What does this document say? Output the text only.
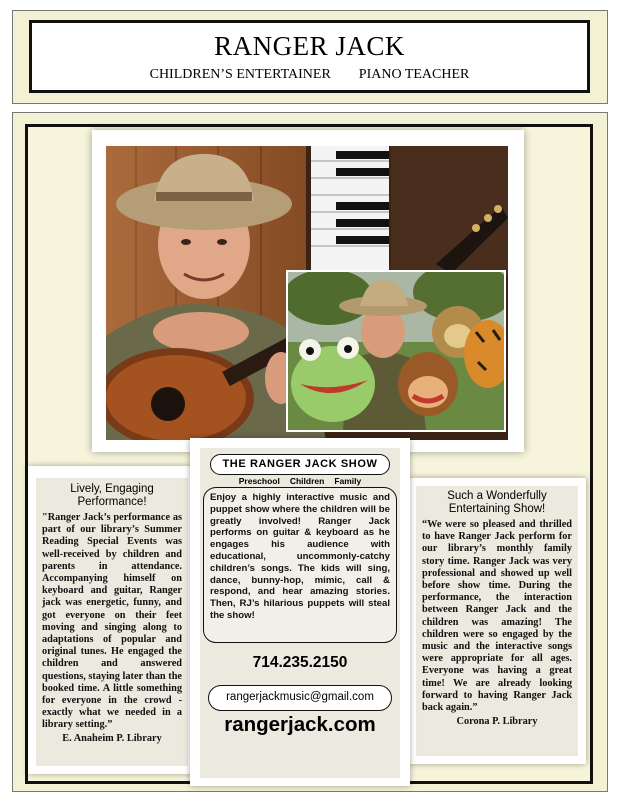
RANGER JACK
CHILDREN’S ENTERTAINER PIANO TEACHER
Lively, Engaging Performance!
"Ranger Jack’s performance as part of our library’s Summer Reading Special Events was well-received by children and parents in attendance. Accompanying himself on keyboard and guitar, Ranger jack was energetic, funny, and got everyone on their feet moving and singing along to adaptations of popular and original tunes. He engaged the children and answered questions, staying later than the booked time. A little something for everyone in the crowd - exactly what we needed in a library setting.”
E. Anaheim P. Library
Such a Wonderfully Entertaining Show!
“We were so pleased and thrilled to have Ranger Jack perform for our library’s monthly family story time. Ranger Jack was very professional and showed up well before show time. During the performance, the interaction between Ranger Jack and the children was amazing! The children were so engaged by the music and the interactive songs were appropriate for all ages. Everyone was having a great time! We are already looking forward to having Ranger Jack back again.”
Corona P. Library
THE RANGER JACK SHOW
Preschool Children Family
Enjoy a highly interactive music and puppet show where the children will be greatly involved! Ranger Jack performs on guitar & keyboard as he engages his audience with educational, uncommonly-catchy children’s songs. The kids will sing, dance, bunny-hop, mimic, call & respond, and hear amazing stories. Then, RJ’s hilarious puppets will steal the show!
714.235.2150
rangerjackmusic@gmail.com
rangerjack.com
